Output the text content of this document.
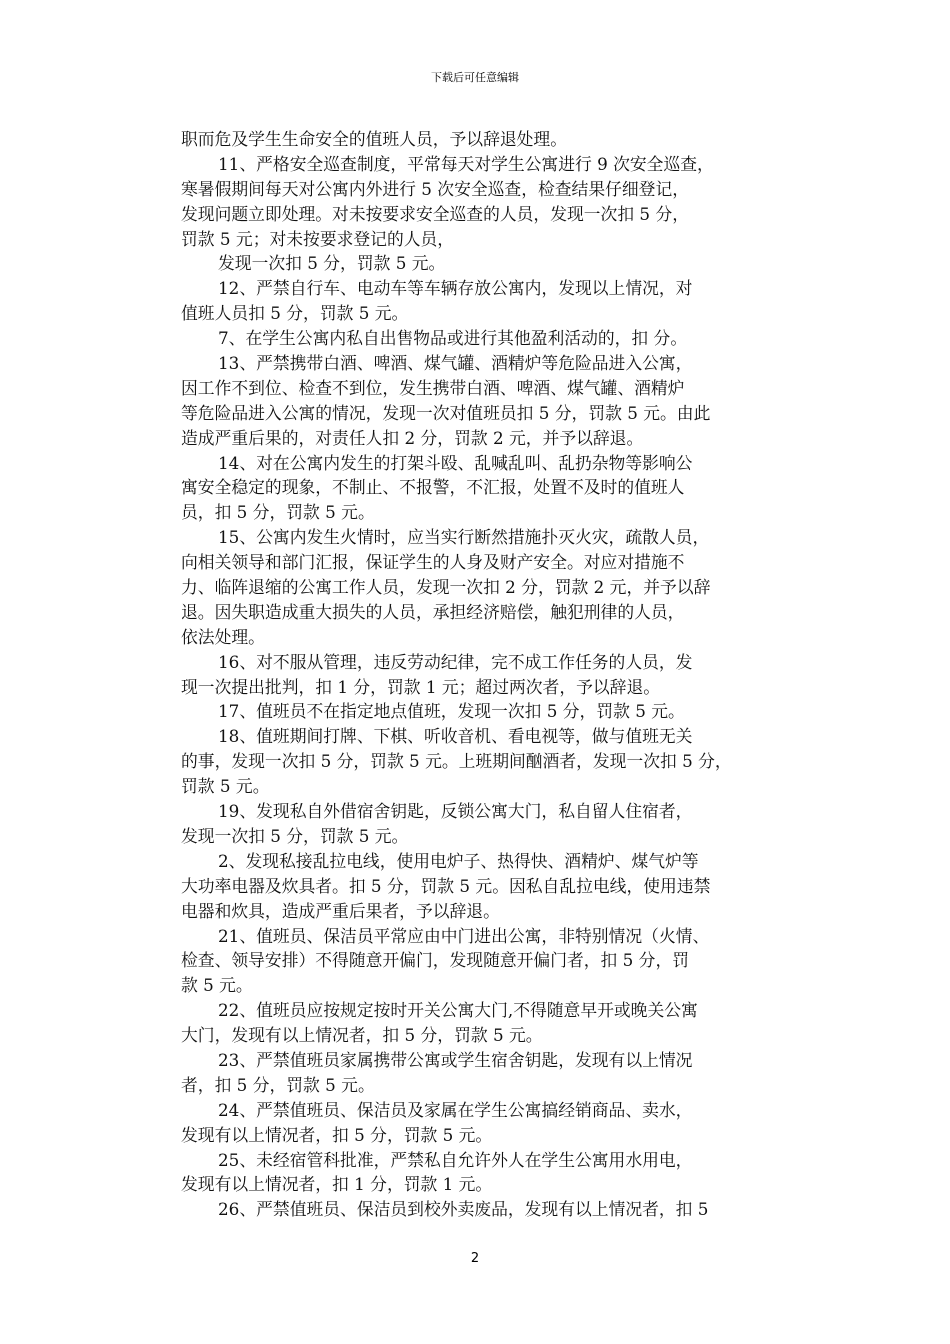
下载后可任意编辑
职而危及学生生命安全的值班人员，予以辞退处理。
11、严格安全巡查制度，平常每天对学生公寓进行 9 次安全巡查，
寒暑假期间每天对公寓内外进行 5 次安全巡查，检查结果仔细登记，
发现问题立即处理。对未按要求安全巡查的人员，发现一次扣 5 分，
罚款 5 元；对未按要求登记的人员，
发现一次扣 5 分，罚款 5 元。
12、严禁自行车、电动车等车辆存放公寓内，发现以上情况，对
值班人员扣 5 分，罚款 5 元。
7、在学生公寓内私自出售物品或进行其他盈利活动的，扣 分。
13、严禁携带白酒、啤酒、煤气罐、酒精炉等危险品进入公寓，
因工作不到位、检查不到位，发生携带白酒、啤酒、煤气罐、酒精炉
等危险品进入公寓的情况，发现一次对值班员扣 5 分，罚款 5 元。由此
造成严重后果的，对责任人扣 2 分，罚款 2 元，并予以辞退。
14、对在公寓内发生的打架斗殴、乱喊乱叫、乱扔杂物等影响公
寓安全稳定的现象，不制止、不报警，不汇报，处置不及时的值班人
员，扣 5 分，罚款 5 元。
15、公寓内发生火情时，应当实行断然措施扑灭火灾，疏散人员，
向相关领导和部门汇报，保证学生的人身及财产安全。对应对措施不
力、临阵退缩的公寓工作人员，发现一次扣 2 分，罚款 2 元，并予以辞
退。因失职造成重大损失的人员，承担经济赔偿，触犯刑律的人员，
依法处理。
16、对不服从管理，违反劳动纪律，完不成工作任务的人员，发
现一次提出批判，扣 1 分，罚款 1 元；超过两次者，予以辞退。
17、值班员不在指定地点值班，发现一次扣 5 分，罚款 5 元。
18、值班期间打牌、下棋、听收音机、看电视等，做与值班无关
的事，发现一次扣 5 分，罚款 5 元。上班期间酗酒者，发现一次扣 5 分，
罚款 5 元。
19、发现私自外借宿舍钥匙，反锁公寓大门，私自留人住宿者，
发现一次扣 5 分，罚款 5 元。
2、发现私接乱拉电线，使用电炉子、热得快、酒精炉、煤气炉等
大功率电器及炊具者。扣 5 分，罚款 5 元。因私自乱拉电线，使用违禁
电器和炊具，造成严重后果者，予以辞退。
21、值班员、保洁员平常应由中门进出公寓，非特别情况（火情、
检查、领导安排）不得随意开偏门，发现随意开偏门者，扣 5 分，罚
款 5 元。
22、值班员应按规定按时开关公寓大门,不得随意早开或晚关公寓
大门，发现有以上情况者，扣 5 分，罚款 5 元。
23、严禁值班员家属携带公寓或学生宿舍钥匙，发现有以上情况
者，扣 5 分，罚款 5 元。
24、严禁值班员、保洁员及家属在学生公寓搞经销商品、卖水，
发现有以上情况者，扣 5 分，罚款 5 元。
25、未经宿管科批准，严禁私自允许外人在学生公寓用水用电，
发现有以上情况者，扣 1 分，罚款 1 元。
26、严禁值班员、保洁员到校外卖废品，发现有以上情况者，扣 5
2
